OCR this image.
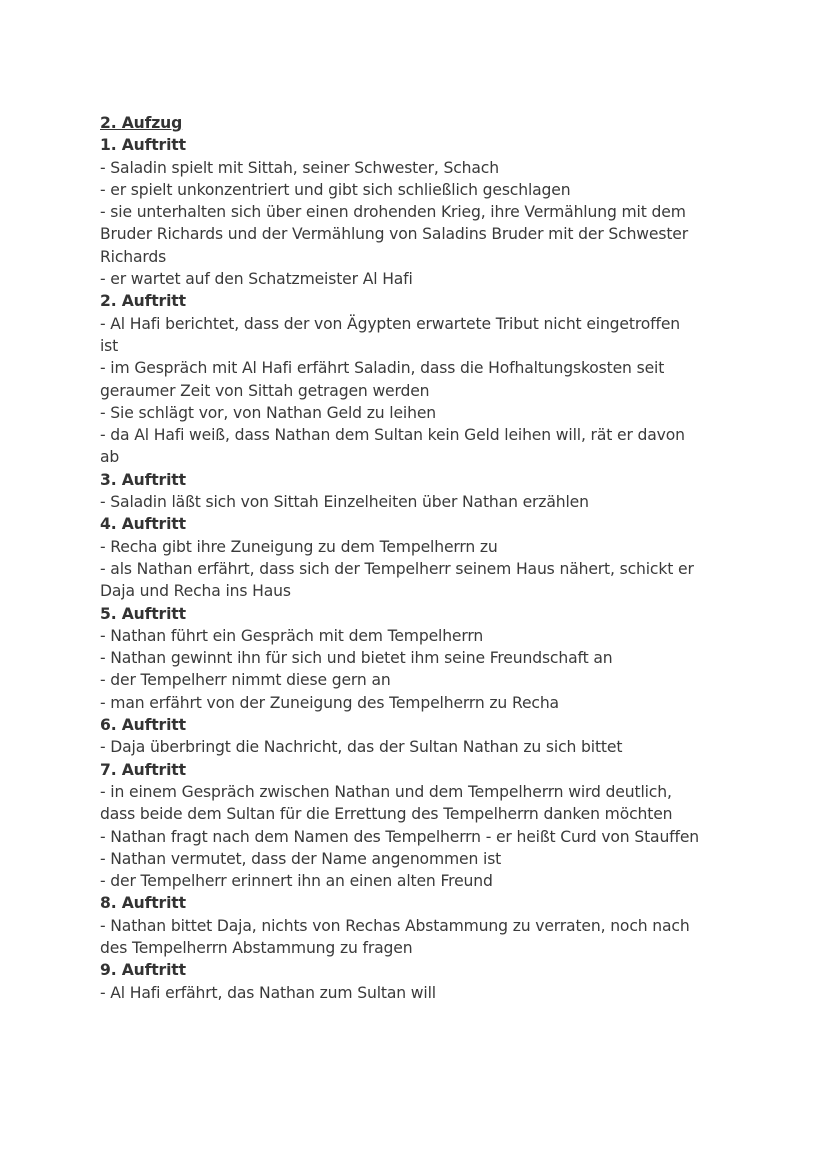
2. Aufzug

1. Auftritt

- Saladin spielt mit Sittah, seiner Schwester, Schach

- er spielt unkonzentriert und gibt sich schließlich geschlagen

- sie unterhalten sich über einen drohenden Krieg, ihre Vermählung mit dem Bruder Richards und der Vermählung von Saladins Bruder mit der Schwester Richards

- er wartet auf den Schatzmeister Al Hafi

2. Auftritt

- Al Hafi berichtet, dass der von Ägypten erwartete Tribut nicht eingetroffen ist

- im Gespräch mit Al Hafi erfährt Saladin, dass die Hofhaltungskosten seit geraumer Zeit von Sittah getragen werden

- Sie schlägt vor, von Nathan Geld zu leihen

- da Al Hafi weiß, dass Nathan dem Sultan kein Geld leihen will, rät er davon ab

3. Auftritt

- Saladin läßt sich von Sittah Einzelheiten über Nathan erzählen

4. Auftritt

- Recha gibt ihre Zuneigung zu dem Tempelherrn zu

- als Nathan erfährt, dass sich der Tempelherr seinem Haus nähert, schickt er Daja und Recha ins Haus

5. Auftritt

- Nathan führt ein Gespräch mit dem Tempelherrn

- Nathan gewinnt ihn für sich und bietet ihm seine Freundschaft an

- der Tempelherr nimmt diese gern an

- man erfährt von der Zuneigung des Tempelherrn zu Recha

6. Auftritt

- Daja überbringt die Nachricht, das der Sultan Nathan zu sich bittet

7. Auftritt

- in einem Gespräch zwischen Nathan und dem Tempelherrn wird deutlich, dass beide dem Sultan für die Errettung des Tempelherrn danken möchten

- Nathan fragt nach dem Namen des Tempelherrn - er heißt Curd von Stauffen

- Nathan vermutet, dass der Name angenommen ist

- der Tempelherr erinnert ihn an einen alten Freund

8. Auftritt

- Nathan bittet Daja, nichts von Rechas Abstammung zu verraten, noch nach des Tempelherrn Abstammung zu fragen

9. Auftritt

- Al Hafi erfährt, das Nathan zum Sultan will
